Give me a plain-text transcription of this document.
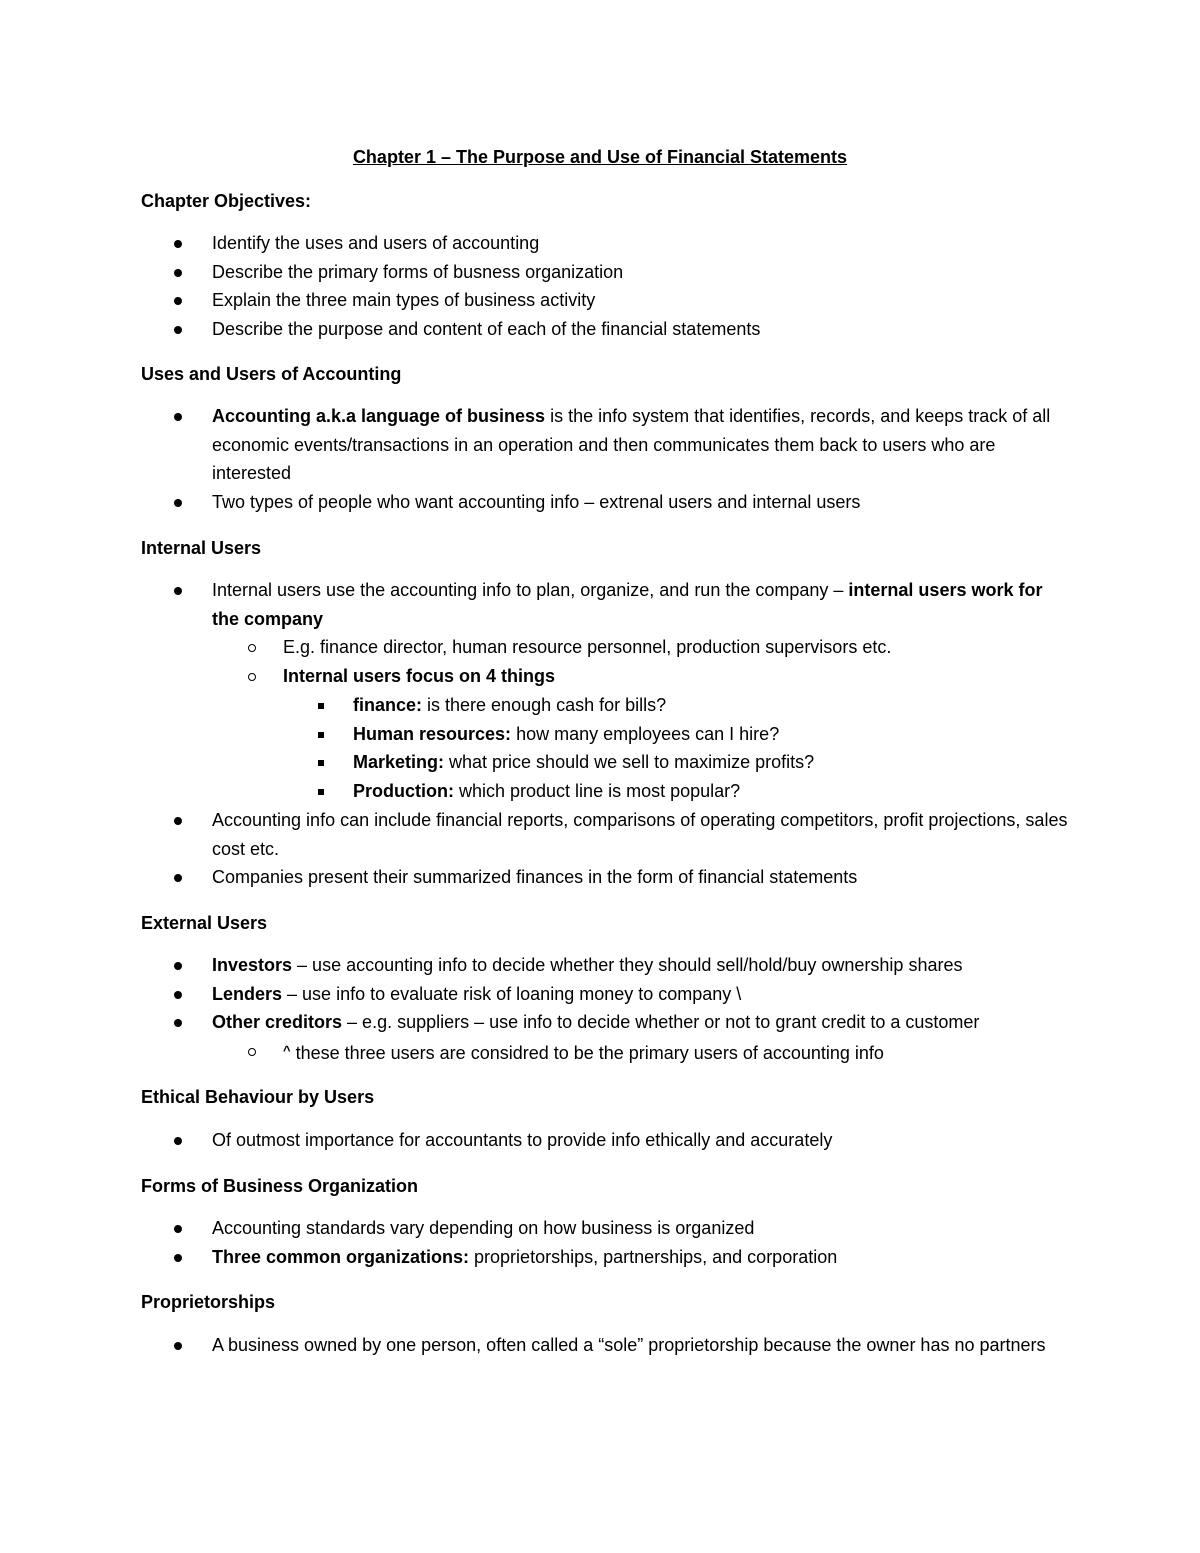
Chapter 1 – The Purpose and Use of Financial Statements
Chapter Objectives:

Identify the uses and users of accounting

Describe the primary forms of busness organization

Explain the three main types of business activity

Describe the purpose and content of each of the financial statements

Uses and Users of Accounting

Accounting a.k.a language of business is the info system that identifies, records, and keeps track of all economic events/transactions in an operation and then communicates them back to users who are interested

Two types of people who want accounting info – extrenal users and internal users

Internal Users

Internal users use the accounting info to plan, organize, and run the company – internal users work for the company

E.g. finance director, human resource personnel, production supervisors etc.

Internal users focus on 4 things

finance: is there enough cash for bills?

Human resources: how many employees can I hire?

Marketing: what price should we sell to maximize profits?

Production: which product line is most popular?

Accounting info can include financial reports, comparisons of operating competitors, profit projections, sales cost etc.

Companies present their summarized finances in the form of financial statements

External Users

Investors – use accounting info to decide whether they should sell/hold/buy ownership shares

Lenders – use info to evaluate risk of loaning money to company \

Other creditors – e.g. suppliers – use info to decide whether or not to grant credit to a customer

^ these three users are considred to be the primary users of accounting info

Ethical Behaviour by Users

Of outmost importance for accountants to provide info ethically and accurately

Forms of Business Organization

Accounting standards vary depending on how business is organized

Three common organizations: proprietorships, partnerships, and corporation

Proprietorships

A business owned by one person, often called a “sole” proprietorship because the owner has no partners
